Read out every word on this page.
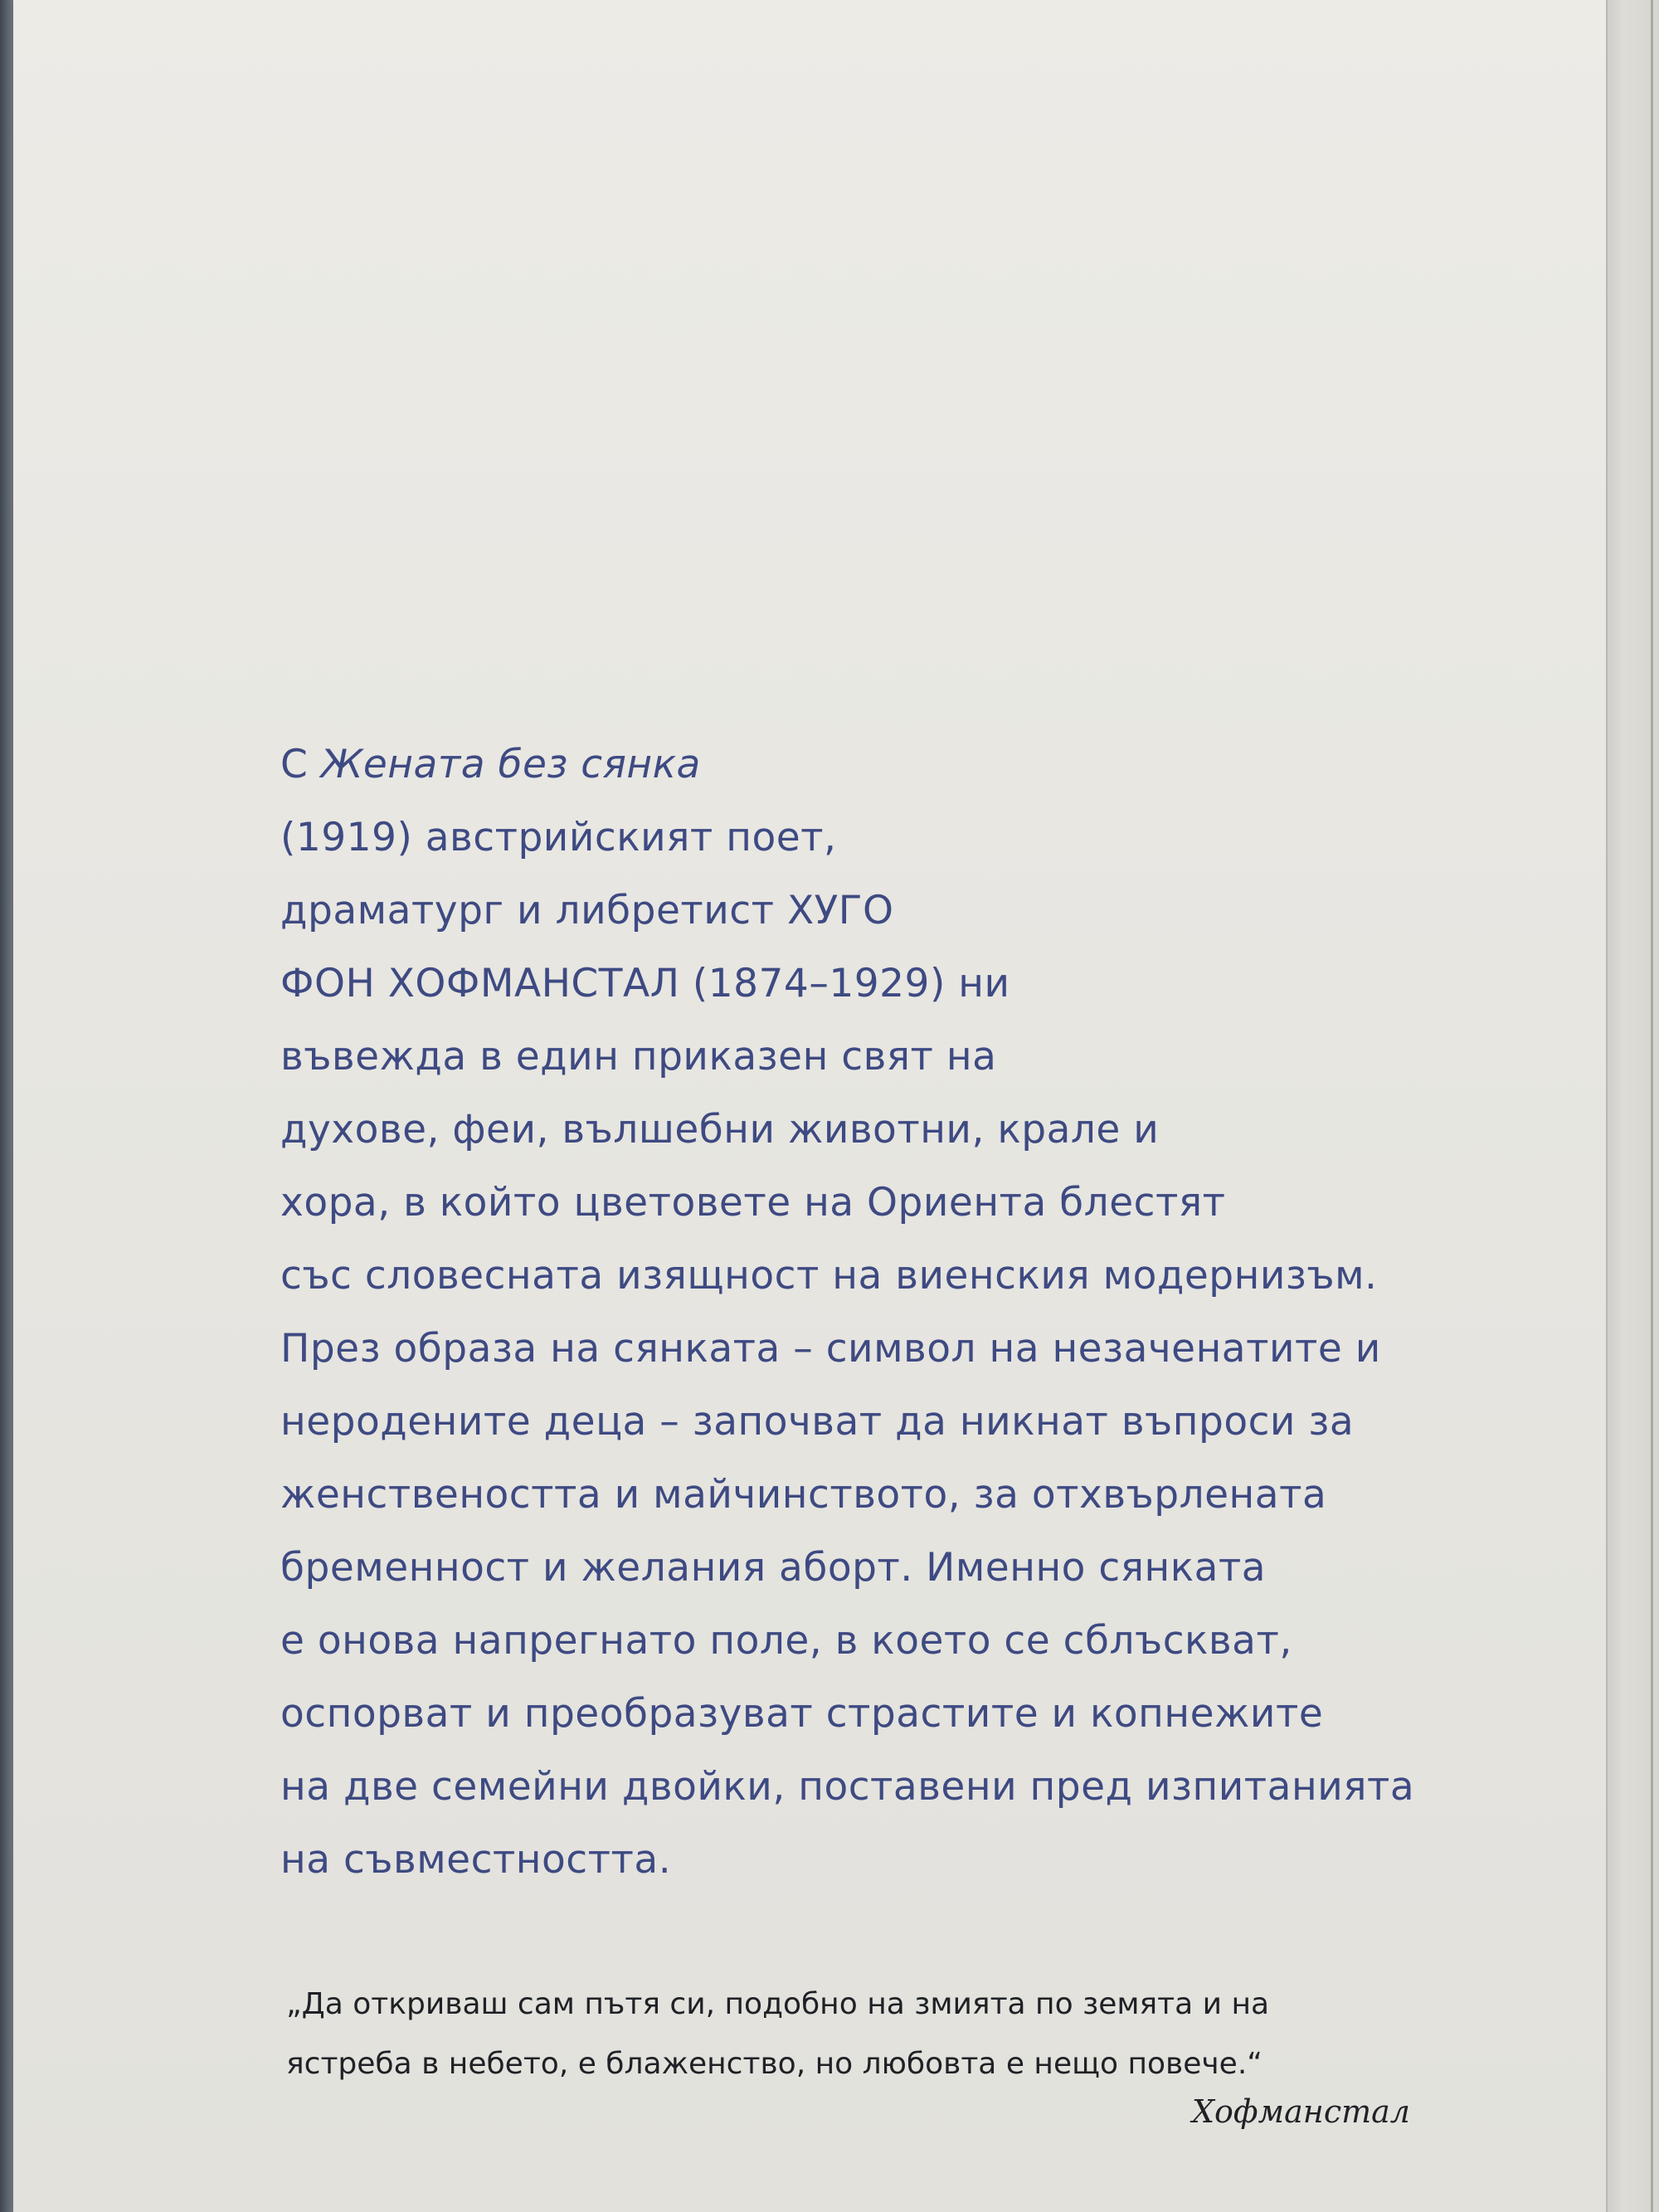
С Жената без сянка
(1919) австрийският поет,
драматург и либретист ХУГО
ФОН ХОФМАНСТАЛ (1874–1929) ни
въвежда в един приказен свят на
духове, феи, вълшебни животни, крале и
хора, в който цветовете на Ориента блестят
със словесната изящност на виенския модернизъм.
През образа на сянката – символ на незаченатите и
неродените деца – започват да никнат въпроси за
женствеността и майчинството, за отхвърлената
бременност и желания аборт. Именно сянката
е онова напрегнато поле, в което се сблъскват,
оспорват и преобразуват страстите и копнежите
на две семейни двойки, поставени пред изпитанията
на съвместността.
„Да откриваш сам пътя си, подобно на змията по земята и на
ястреба в небето, е блаженство, но любовта е нещо повече.“
Хофманстал
